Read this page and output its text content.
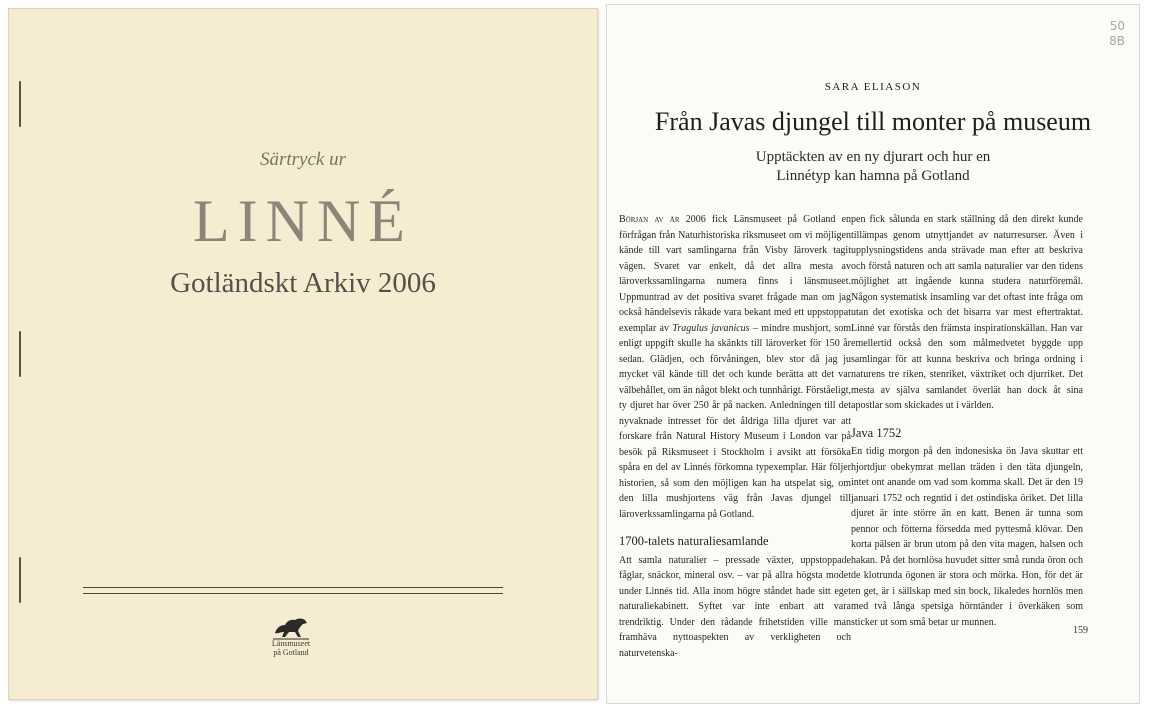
Särtryck ur
LINNÉ
Gotländskt Arkiv 2006
Länsmuseet
på Gotland
50
8B
SARA ELIASON
Från Javas djungel till monter på museum
Upptäckten av en ny djurart och hur en
Linnétyp kan hamna på Gotland

Början av år 2006 fick Länsmuseet på Gotland en förfrågan från Naturhistoriska riksmuseet om vi möjligen kände till vart samlingarna från Visby läroverk tagit vägen. Svaret var enkelt, då det allra mesta av läroverkssamlingarna numera finns i länsmuseet. Uppmuntrad av det positiva svaret frågade man om jag också händelsevis råkade vara bekant med ett uppstoppat exemplar av Tragulus javanicus – mindre mushjort, som enligt uppgift skulle ha skänkts till läroverket för 150 år sedan. Glädjen, och förvåningen, blev stor då jag ju mycket väl kände till det och kunde berätta att det var välbehållet, om än något blekt och tunnhårigt. Förståeligt, ty djuret har över 250 år på nacken. Anledningen till det nyvaknade intresset för det åldriga lilla djuret var att forskare från Natural History Museum i London var på besök på Riksmuseet i Stockholm i avsikt att försöka spåra en del av Linnés förkomna typexemplar. Här följer historien, så som den möjligen kan ha utspelat sig, om den lilla mushjortens väg från Javas djungel till läroverkssamlingarna på Gotland.

1700-talets naturaliesamlande

Att samla naturalier – pressade växter, uppstoppade fåglar, snäckor, mineral osv. – var på allra högsta modet under Linnés tid. Alla inom högre ståndet hade sitt eget naturaliekabinett. Syftet var inte enbart att vara trendriktig. Under den rådande frihetstiden ville man framhäva nyttoaspekten av verkligheten och naturvetenska-

pen fick sålunda en stark ställning då den direkt kunde tillämpas genom utnyttjandet av naturresurser. Även i upplysningstidens anda strävade man efter att beskriva och förstå naturen och att samla naturalier var den tidens möjlighet att ingående kunna studera naturföremål. Någon systematisk insamling var det oftast inte fråga om utan det exotiska och det bisarra var mest eftertraktat. Linné var förstås den främsta inspirationskällan. Han var emellertid också den som målmedvetet byggde upp samlingar för att kunna beskriva och bringa ordning i naturens tre riken, stenriket, växtriket och djurriket. Det mesta av själva samlandet överlät han dock åt sina apostlar som skickades ut i världen.

Java 1752

En tidig morgon på den indonesiska ön Java skuttar ett hjortdjur obekymrat mellan träden i den täta djungeln, intet ont anande om vad som komma skall. Det är den 19 januari 1752 och regntid i det ostindiska öriket. Det lilla djuret är inte större än en katt. Benen är tunna som pennor och fötterna försedda med pyttesmå klövar. Den korta pälsen är brun utom på den vita magen, halsen och hakan. På det hornlösa huvudet sitter små runda öron och de klotrunda ögonen är stora och mörka. Hon, för det är en get, är i sällskap med sin bock, likaledes hornlös men med två långa spetsiga hörntänder i överkäken som sticker ut som små betar ur munnen.

159
